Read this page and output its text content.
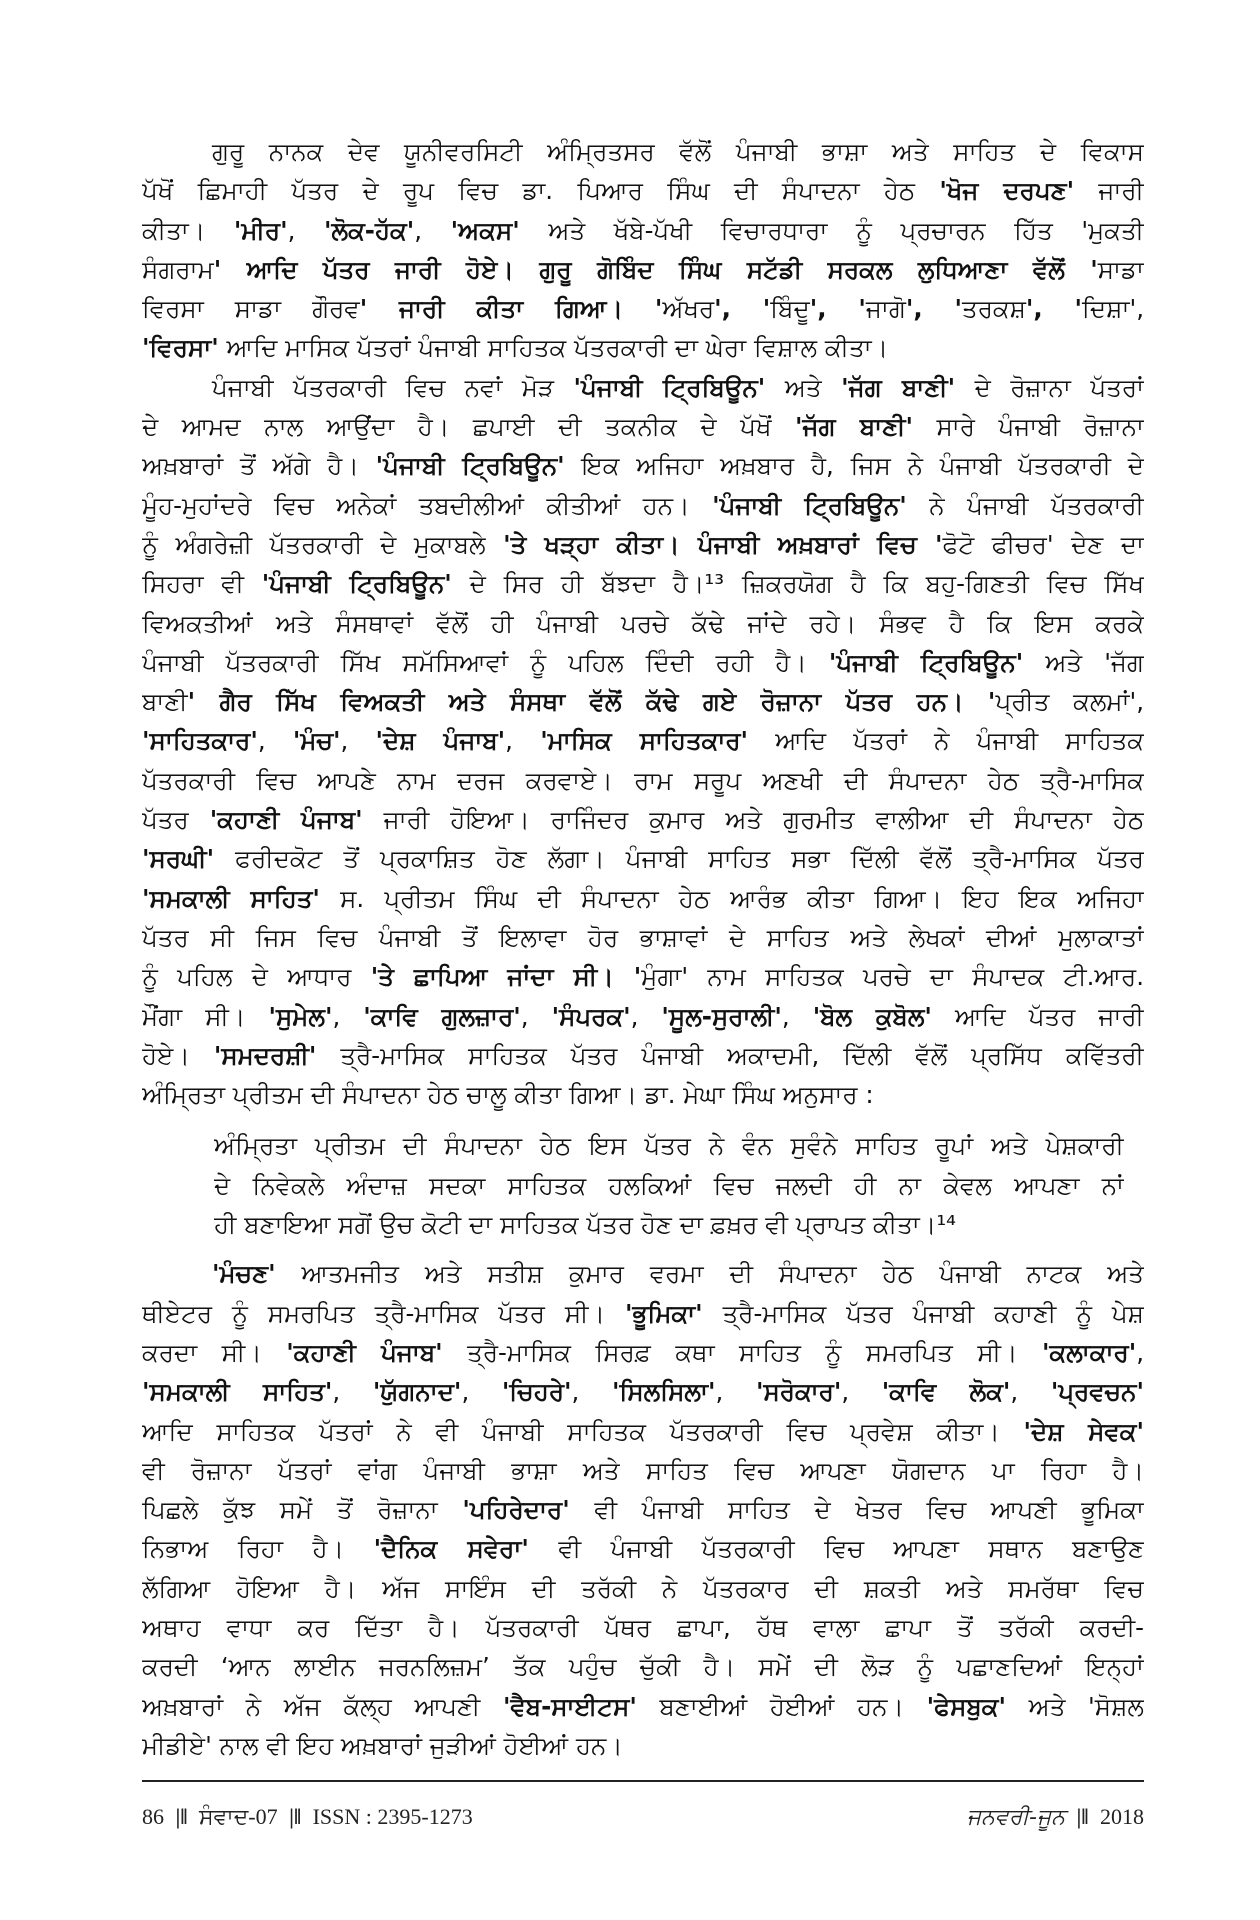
ਗੁਰੂ ਨਾਨਕ ਦੇਵ ਯੂਨੀਵਰਸਿਟੀ ਅੰਮ੍ਰਿਤਸਰ ਵੱਲੋਂ ਪੰਜਾਬੀ ਭਾਸ਼ਾ ਅਤੇ ਸਾਹਿਤ ਦੇ ਵਿਕਾਸ
ਪੱਖੋਂ ਛਿਮਾਹੀ ਪੱਤਰ ਦੇ ਰੂਪ ਵਿਚ ਡਾ. ਪਿਆਰ ਸਿੰਘ ਦੀ ਸੰਪਾਦਨਾ ਹੇਠ 'ਖੋਜ ਦਰਪਣ' ਜਾਰੀ
ਕੀਤਾ। 'ਮੀਰ', 'ਲੋਕ-ਹੱਕ', 'ਅਕਸ' ਅਤੇ ਖੱਬੇ-ਪੱਖੀ ਵਿਚਾਰਧਾਰਾ ਨੂੰ ਪ੍ਰਚਾਰਨ ਹਿੱਤ 'ਮੁਕਤੀ
ਸੰਗਰਾਮ' ਆਦਿ ਪੱਤਰ ਜਾਰੀ ਹੋਏ। ਗੁਰੂ ਗੋਬਿੰਦ ਸਿੰਘ ਸਟੱਡੀ ਸਰਕਲ ਲੁਧਿਆਣਾ ਵੱਲੋਂ 'ਸਾਡਾ
ਵਿਰਸਾ ਸਾਡਾ ਗੌਰਵ' ਜਾਰੀ ਕੀਤਾ ਗਿਆ। 'ਅੱਖਰ', 'ਬਿੰਦੂ', 'ਜਾਗੋ', 'ਤਰਕਸ਼', 'ਦਿਸ਼ਾ',
'ਵਿਰਸਾ' ਆਦਿ ਮਾਸਿਕ ਪੱਤਰਾਂ ਪੰਜਾਬੀ ਸਾਹਿਤਕ ਪੱਤਰਕਾਰੀ ਦਾ ਘੇਰਾ ਵਿਸ਼ਾਲ ਕੀਤਾ।
ਪੰਜਾਬੀ ਪੱਤਰਕਾਰੀ ਵਿਚ ਨਵਾਂ ਮੋੜ 'ਪੰਜਾਬੀ ਟ੍ਰਿਬਿਊਨ' ਅਤੇ 'ਜੱਗ ਬਾਣੀ' ਦੇ ਰੋਜ਼ਾਨਾ ਪੱਤਰਾਂ
ਦੇ ਆਮਦ ਨਾਲ ਆਉਂਦਾ ਹੈ। ਛਪਾਈ ਦੀ ਤਕਨੀਕ ਦੇ ਪੱਖੋਂ 'ਜੱਗ ਬਾਣੀ' ਸਾਰੇ ਪੰਜਾਬੀ ਰੋਜ਼ਾਨਾ
ਅਖ਼ਬਾਰਾਂ ਤੋਂ ਅੱਗੇ ਹੈ। 'ਪੰਜਾਬੀ ਟ੍ਰਿਬਿਊਨ' ਇਕ ਅਜਿਹਾ ਅਖ਼ਬਾਰ ਹੈ, ਜਿਸ ਨੇ ਪੰਜਾਬੀ ਪੱਤਰਕਾਰੀ ਦੇ
ਮੂੰਹ-ਮੁਹਾਂਦਰੇ ਵਿਚ ਅਨੇਕਾਂ ਤਬਦੀਲੀਆਂ ਕੀਤੀਆਂ ਹਨ। 'ਪੰਜਾਬੀ ਟ੍ਰਿਬਿਊਨ' ਨੇ ਪੰਜਾਬੀ ਪੱਤਰਕਾਰੀ
ਨੂੰ ਅੰਗਰੇਜ਼ੀ ਪੱਤਰਕਾਰੀ ਦੇ ਮੁਕਾਬਲੇ 'ਤੇ ਖੜ੍ਹਾ ਕੀਤਾ। ਪੰਜਾਬੀ ਅਖ਼ਬਾਰਾਂ ਵਿਚ 'ਫੋਟੋ ਫੀਚਰ' ਦੇਣ ਦਾ
ਸਿਹਰਾ ਵੀ 'ਪੰਜਾਬੀ ਟ੍ਰਿਬਿਊਨ' ਦੇ ਸਿਰ ਹੀ ਬੱਝਦਾ ਹੈ।¹³ ਜ਼ਿਕਰਯੋਗ ਹੈ ਕਿ ਬਹੁ-ਗਿਣਤੀ ਵਿਚ ਸਿੱਖ
ਵਿਅਕਤੀਆਂ ਅਤੇ ਸੰਸਥਾਵਾਂ ਵੱਲੋਂ ਹੀ ਪੰਜਾਬੀ ਪਰਚੇ ਕੱਢੇ ਜਾਂਦੇ ਰਹੇ। ਸੰਭਵ ਹੈ ਕਿ ਇਸ ਕਰਕੇ
ਪੰਜਾਬੀ ਪੱਤਰਕਾਰੀ ਸਿੱਖ ਸਮੱਸਿਆਵਾਂ ਨੂੰ ਪਹਿਲ ਦਿੰਦੀ ਰਹੀ ਹੈ। 'ਪੰਜਾਬੀ ਟ੍ਰਿਬਿਊਨ' ਅਤੇ 'ਜੱਗ
ਬਾਣੀ' ਗੈਰ ਸਿੱਖ ਵਿਅਕਤੀ ਅਤੇ ਸੰਸਥਾ ਵੱਲੋਂ ਕੱਢੇ ਗਏ ਰੋਜ਼ਾਨਾ ਪੱਤਰ ਹਨ। 'ਪ੍ਰੀਤ ਕਲਮਾਂ',
'ਸਾਹਿਤਕਾਰ', 'ਮੰਚ', 'ਦੇਸ਼ ਪੰਜਾਬ', 'ਮਾਸਿਕ ਸਾਹਿਤਕਾਰ' ਆਦਿ ਪੱਤਰਾਂ ਨੇ ਪੰਜਾਬੀ ਸਾਹਿਤਕ
ਪੱਤਰਕਾਰੀ ਵਿਚ ਆਪਣੇ ਨਾਮ ਦਰਜ ਕਰਵਾਏ। ਰਾਮ ਸਰੂਪ ਅਣਖੀ ਦੀ ਸੰਪਾਦਨਾ ਹੇਠ ਤ੍ਰੈ-ਮਾਸਿਕ
ਪੱਤਰ 'ਕਹਾਣੀ ਪੰਜਾਬ' ਜਾਰੀ ਹੋਇਆ। ਰਾਜਿੰਦਰ ਕੁਮਾਰ ਅਤੇ ਗੁਰਮੀਤ ਵਾਲੀਆ ਦੀ ਸੰਪਾਦਨਾ ਹੇਠ
'ਸਰਘੀ' ਫਰੀਦਕੋਟ ਤੋਂ ਪ੍ਰਕਾਸ਼ਿਤ ਹੋਣ ਲੱਗਾ। ਪੰਜਾਬੀ ਸਾਹਿਤ ਸਭਾ ਦਿੱਲੀ ਵੱਲੋਂ ਤ੍ਰੈ-ਮਾਸਿਕ ਪੱਤਰ
'ਸਮਕਾਲੀ ਸਾਹਿਤ' ਸ. ਪ੍ਰੀਤਮ ਸਿੰਘ ਦੀ ਸੰਪਾਦਨਾ ਹੇਠ ਆਰੰਭ ਕੀਤਾ ਗਿਆ। ਇਹ ਇਕ ਅਜਿਹਾ
ਪੱਤਰ ਸੀ ਜਿਸ ਵਿਚ ਪੰਜਾਬੀ ਤੋਂ ਇਲਾਵਾ ਹੋਰ ਭਾਸ਼ਾਵਾਂ ਦੇ ਸਾਹਿਤ ਅਤੇ ਲੇਖਕਾਂ ਦੀਆਂ ਮੁਲਾਕਾਤਾਂ
ਨੂੰ ਪਹਿਲ ਦੇ ਆਧਾਰ 'ਤੇ ਛਾਪਿਆ ਜਾਂਦਾ ਸੀ। 'ਮੁੰਗਾ' ਨਾਮ ਸਾਹਿਤਕ ਪਰਚੇ ਦਾ ਸੰਪਾਦਕ ਟੀ.ਆਰ.
ਮੌਂਗਾ ਸੀ। 'ਸੁਮੇਲ', 'ਕਾਵਿ ਗੁਲਜ਼ਾਰ', 'ਸੰਪਰਕ', 'ਸੂਲ-ਸੁਰਾਲੀ', 'ਬੋਲ ਕੁਬੋਲ' ਆਦਿ ਪੱਤਰ ਜਾਰੀ
ਹੋਏ। 'ਸਮਦਰਸ਼ੀ' ਤ੍ਰੈ-ਮਾਸਿਕ ਸਾਹਿਤਕ ਪੱਤਰ ਪੰਜਾਬੀ ਅਕਾਦਮੀ, ਦਿੱਲੀ ਵੱਲੋਂ ਪ੍ਰਸਿੱਧ ਕਵਿੱਤਰੀ
ਅੰਮ੍ਰਿਤਾ ਪ੍ਰੀਤਮ ਦੀ ਸੰਪਾਦਨਾ ਹੇਠ ਚਾਲੂ ਕੀਤਾ ਗਿਆ। ਡਾ. ਮੇਘਾ ਸਿੰਘ ਅਨੁਸਾਰ :
ਅੰਮ੍ਰਿਤਾ ਪ੍ਰੀਤਮ ਦੀ ਸੰਪਾਦਨਾ ਹੇਠ ਇਸ ਪੱਤਰ ਨੇ ਵੰਨ ਸੁਵੰਨੇ ਸਾਹਿਤ ਰੂਪਾਂ ਅਤੇ ਪੇਸ਼ਕਾਰੀ
ਦੇ ਨਿਵੇਕਲੇ ਅੰਦਾਜ਼ ਸਦਕਾ ਸਾਹਿਤਕ ਹਲਕਿਆਂ ਵਿਚ ਜਲਦੀ ਹੀ ਨਾ ਕੇਵਲ ਆਪਣਾ ਨਾਂ
ਹੀ ਬਣਾਇਆ ਸਗੋਂ ਉਚ ਕੋਟੀ ਦਾ ਸਾਹਿਤਕ ਪੱਤਰ ਹੋਣ ਦਾ ਫ਼ਖ਼ਰ ਵੀ ਪ੍ਰਾਪਤ ਕੀਤਾ।¹⁴
'ਮੰਚਣ' ਆਤਮਜੀਤ ਅਤੇ ਸਤੀਸ਼ ਕੁਮਾਰ ਵਰਮਾ ਦੀ ਸੰਪਾਦਨਾ ਹੇਠ ਪੰਜਾਬੀ ਨਾਟਕ ਅਤੇ
ਥੀਏਟਰ ਨੂੰ ਸਮਰਪਿਤ ਤ੍ਰੈ-ਮਾਸਿਕ ਪੱਤਰ ਸੀ। 'ਭੂਮਿਕਾ' ਤ੍ਰੈ-ਮਾਸਿਕ ਪੱਤਰ ਪੰਜਾਬੀ ਕਹਾਣੀ ਨੂੰ ਪੇਸ਼
ਕਰਦਾ ਸੀ। 'ਕਹਾਣੀ ਪੰਜਾਬ' ਤ੍ਰੈ-ਮਾਸਿਕ ਸਿਰਫ਼ ਕਥਾ ਸਾਹਿਤ ਨੂੰ ਸਮਰਪਿਤ ਸੀ। 'ਕਲਾਕਾਰ',
'ਸਮਕਾਲੀ ਸਾਹਿਤ', 'ਯੁੱਗਨਾਦ', 'ਚਿਹਰੇ', 'ਸਿਲਸਿਲਾ', 'ਸਰੋਕਾਰ', 'ਕਾਵਿ ਲੋਕ', 'ਪ੍ਰਵਚਨ'
ਆਦਿ ਸਾਹਿਤਕ ਪੱਤਰਾਂ ਨੇ ਵੀ ਪੰਜਾਬੀ ਸਾਹਿਤਕ ਪੱਤਰਕਾਰੀ ਵਿਚ ਪ੍ਰਵੇਸ਼ ਕੀਤਾ। 'ਦੇਸ਼ ਸੇਵਕ'
ਵੀ ਰੋਜ਼ਾਨਾ ਪੱਤਰਾਂ ਵਾਂਗ ਪੰਜਾਬੀ ਭਾਸ਼ਾ ਅਤੇ ਸਾਹਿਤ ਵਿਚ ਆਪਣਾ ਯੋਗਦਾਨ ਪਾ ਰਿਹਾ ਹੈ।
ਪਿਛਲੇ ਕੁੱਝ ਸਮੇਂ ਤੋਂ ਰੋਜ਼ਾਨਾ 'ਪਹਿਰੇਦਾਰ' ਵੀ ਪੰਜਾਬੀ ਸਾਹਿਤ ਦੇ ਖੇਤਰ ਵਿਚ ਆਪਣੀ ਭੂਮਿਕਾ
ਨਿਭਾਅ ਰਿਹਾ ਹੈ। 'ਦੈਨਿਕ ਸਵੇਰਾ' ਵੀ ਪੰਜਾਬੀ ਪੱਤਰਕਾਰੀ ਵਿਚ ਆਪਣਾ ਸਥਾਨ ਬਣਾਉਣ
ਲੱਗਿਆ ਹੋਇਆ ਹੈ। ਅੱਜ ਸਾਇੰਸ ਦੀ ਤਰੱਕੀ ਨੇ ਪੱਤਰਕਾਰ ਦੀ ਸ਼ਕਤੀ ਅਤੇ ਸਮਰੱਥਾ ਵਿਚ
ਅਥਾਹ ਵਾਧਾ ਕਰ ਦਿੱਤਾ ਹੈ। ਪੱਤਰਕਾਰੀ ਪੱਥਰ ਛਾਪਾ, ਹੱਥ ਵਾਲਾ ਛਾਪਾ ਤੋਂ ਤਰੱਕੀ ਕਰਦੀ-
ਕਰਦੀ ‘ਆਨ ਲਾਈਨ ਜਰਨਲਿਜ਼ਮ’ ਤੱਕ ਪਹੁੰਚ ਚੁੱਕੀ ਹੈ। ਸਮੇਂ ਦੀ ਲੋੜ ਨੂੰ ਪਛਾਣਦਿਆਂ ਇਨ੍ਹਾਂ
ਅਖ਼ਬਾਰਾਂ ਨੇ ਅੱਜ ਕੱਲ੍ਹ ਆਪਣੀ 'ਵੈਬ-ਸਾਈਟਸ' ਬਣਾਈਆਂ ਹੋਈਆਂ ਹਨ। 'ਫੇਸਬੁਕ' ਅਤੇ 'ਸੋਸ਼ਲ
ਮੀਡੀਏ' ਨਾਲ ਵੀ ਇਹ ਅਖ਼ਬਾਰਾਂ ਜੁੜੀਆਂ ਹੋਈਆਂ ਹਨ।
86 |‖ ਸੰਵਾਦ-07 |‖ ISSN : 2395-1273	ਜਨਵਰੀ-ਜੂਨ |‖ 2018
